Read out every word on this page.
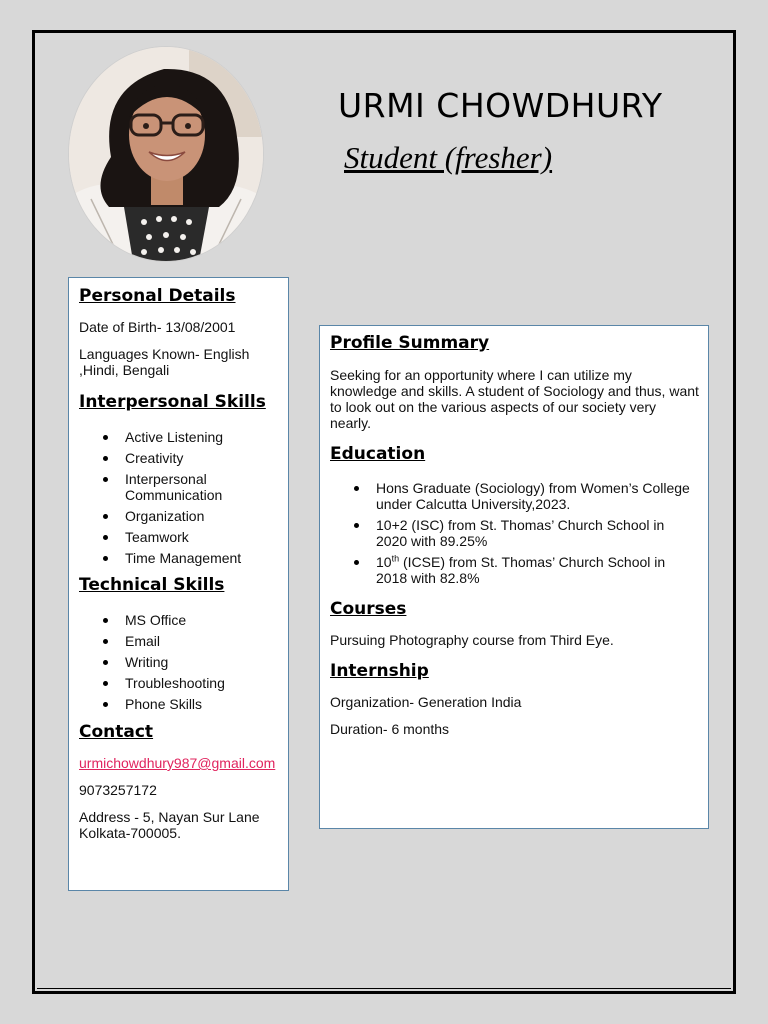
URMI CHOWDHURY
Student (fresher)
Personal Details

Date of Birth- 13/08/2001

Languages Known- English ,Hindi, Bengali

Interpersonal Skills
Active Listening
Creativity
Interpersonal Communication
Organization
Teamwork
Time Management
Technical Skills
MS Office
Email
Writing
Troubleshooting
Phone Skills
Contact

urmichowdhury987@gmail.com

9073257172

Address - 5, Nayan Sur Lane Kolkata-700005.

Profile Summary

Seeking for an opportunity where I can utilize my knowledge and skills. A student of Sociology and thus, want to look out on the various aspects of our society very nearly.

Education
Hons Graduate (Sociology) from Women’s College under Calcutta University,2023.
10+2 (ISC) from St. Thomas’ Church School in 2020 with 89.25%
10th (ICSE) from St. Thomas’ Church School in 2018 with 82.8%
Courses

Pursuing Photography course from Third Eye.

Internship

Organization- Generation India

Duration- 6 months
